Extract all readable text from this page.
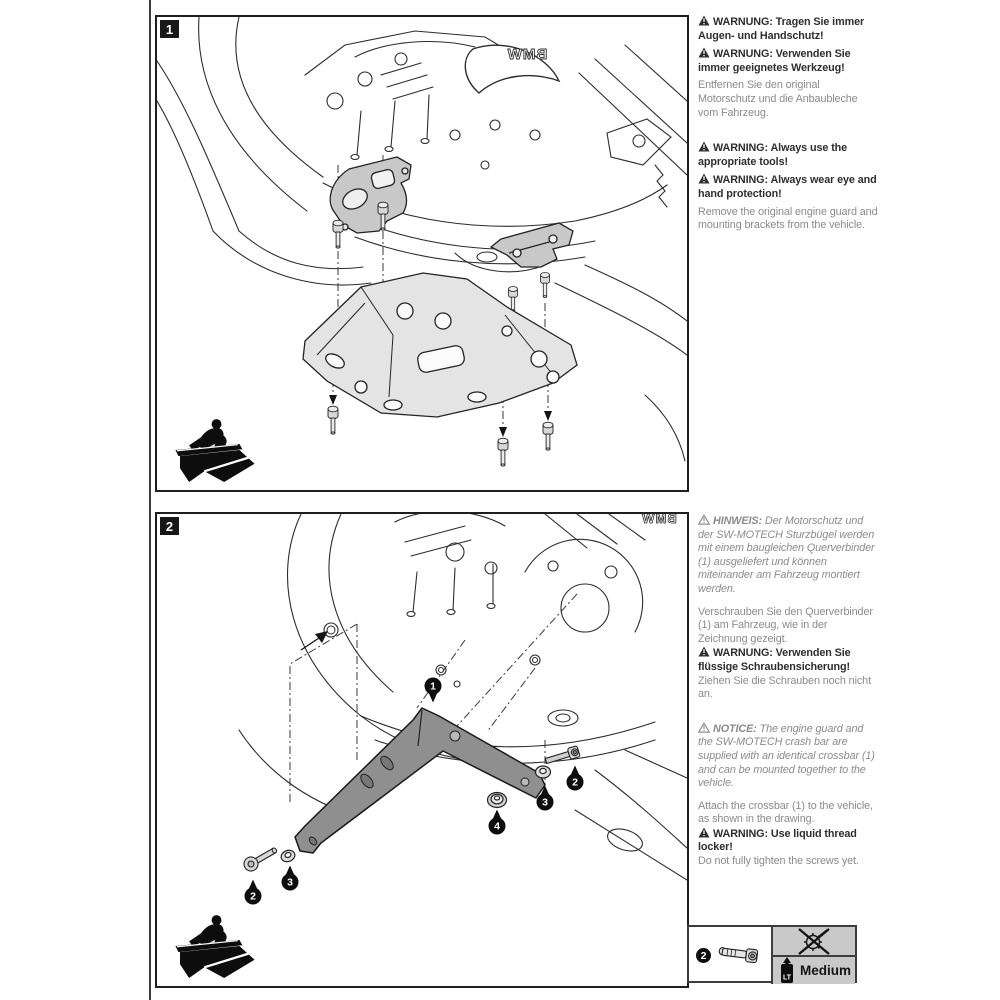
BMW
1
BMW
1
2
3
4
3
2
2

WARNUNG: Tragen Sie immer Augen- und Handschutz!

WARNUNG: Verwenden Sie immer geeignetes Werkzeug!

Entfernen Sie den original Motorschutz und die Anbaubleche vom Fahrzeug.

WARNING: Always use the appropriate tools!

WARNING: Always wear eye and hand protection!

Remove the original engine guard and mounting brackets from the vehicle.

HINWEIS: Der Motorschutz und der SW-MOTECH Sturzbügel werden mit einem baugleichen Querverbinder (1) ausgeliefert und können miteinander am Fahrzeug montiert werden.

Verschrauben Sie den Querverbinder (1) am Fahrzeug, wie in der Zeichnung gezeigt.

WARNUNG: Verwenden Sie flüssige Schraubensicherung!

Ziehen Sie die Schrauben noch nicht an.

NOTICE: The engine guard and the SW-MOTECH crash bar are supplied with an identical crossbar (1) and can be mounted together to the vehicle.

Attach the crossbar (1) to the vehicle, as shown in the drawing.

WARNING: Use liquid thread locker!

Do not fully tighten the screws yet.

2
LT Medium
